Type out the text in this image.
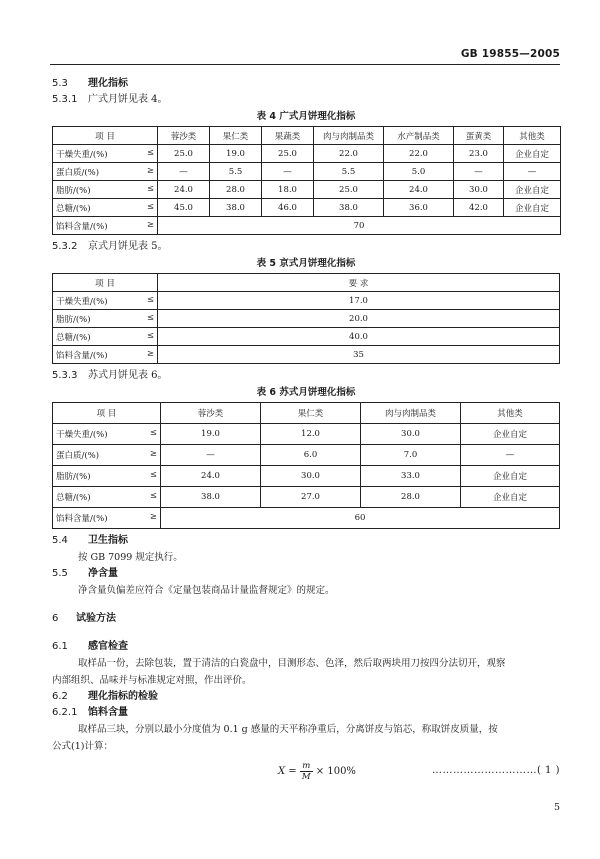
GB 19855—2005

5.3 理化指标

5.3.1 广式月饼见表 4。

表 4 广式月饼理化指标
项 目	蓉沙类	果仁类	果蔬类	肉与肉制品类	水产制品类	蛋黄类	其他类
干燥失重/(%) ≤	25.0	19.0	25.0	22.0	22.0	23.0	企业自定
蛋白质/(%) ≥	—	5.5	—	5.5	5.0	—	—
脂肪/(%) ≤	24.0	28.0	18.0	25.0	24.0	30.0	企业自定
总糖/(%) ≤	45.0	38.0	46.0	38.0	36.0	42.0	企业自定
馅料含量/(%) ≥	70						

5.3.2 京式月饼见表 5。

表 5 京式月饼理化指标
项 目	要 求
干燥失重/(%) ≤	17.0
脂肪/(%) ≤	20.0
总糖/(%) ≤	40.0
馅料含量/(%) ≥	35

5.3.3 苏式月饼见表 6。

表 6 苏式月饼理化指标
项 目	蓉沙类	果仁类	肉与肉制品类	其他类
干燥失重/(%) ≤	19.0	12.0	30.0	企业自定
蛋白质/(%) ≥	—	6.0	7.0	—
脂肪/(%) ≤	24.0	30.0	33.0	企业自定
总糖/(%) ≤	38.0	27.0	28.0	企业自定
馅料含量/(%) ≥	60			

5.4 卫生指标

按 GB 7099 规定执行。

5.5 净含量

净含量负偏差应符合《定量包装商品计量监督规定》的规定。

6 试验方法

6.1 感官检查

取样品一份，去除包装，置于清洁的白瓷盘中，目测形态、色泽，然后取两块用刀按四分法切开，观察

内部组织、品味并与标准规定对照，作出评价。

6.2 理化指标的检验

6.2.1 馅料含量

取样品三块，分别以最小分度值为 0.1 g 感量的天平称净重后，分离饼皮与馅芯，称取饼皮质量，按

公式(1)计算：

$X = \frac{m}{M} \times 100\%$	…………………………( 1 )
5
